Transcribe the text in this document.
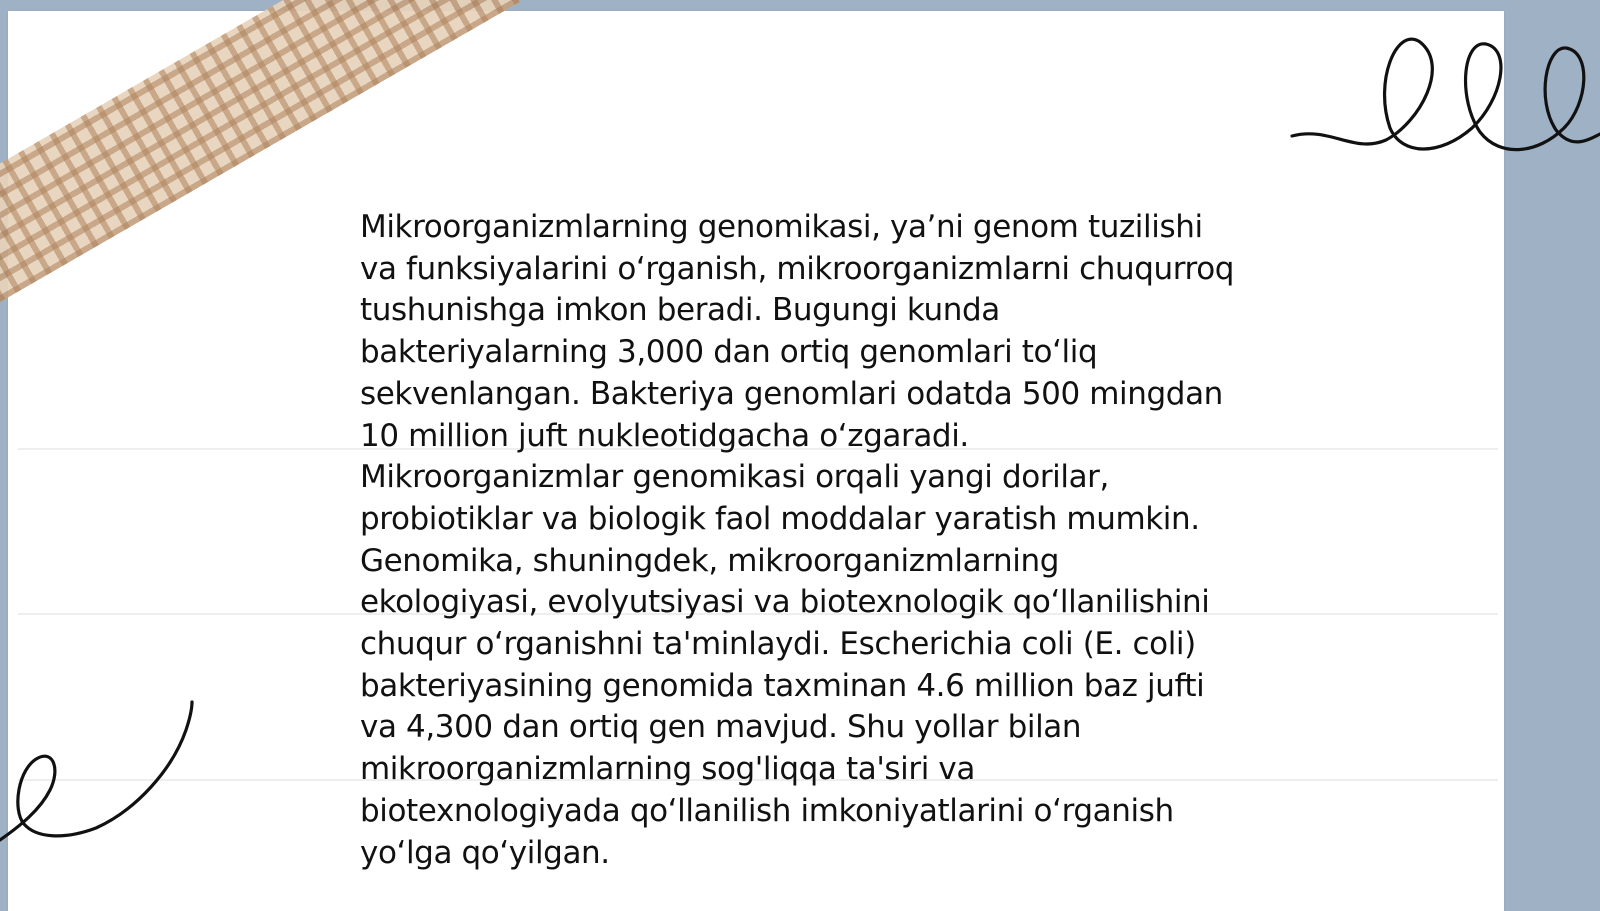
Mikroorganizmlarning genomikasi, ya’ni genom tuzilishi va funksiyalarini oʻrganish, mikroorganizmlarni chuqurroq tushunishga imkon beradi. Bugungi kunda bakteriyalarning 3,000 dan ortiq genomlari toʻliq sekvenlangan. Bakteriya genomlari odatda 500 mingdan 10 million juft nukleotidgacha oʻzgaradi. Mikroorganizmlar genomikasi orqali yangi dorilar, probiotiklar va biologik faol moddalar yaratish mumkin. Genomika, shuningdek, mikroorganizmlarning ekologiyasi, evolyutsiyasi va biotexnologik qoʻllanilishini chuqur oʻrganishni ta'minlaydi. Escherichia coli (E. coli) bakteriyasining genomida taxminan 4.6 million baz jufti va 4,300 dan ortiq gen mavjud. Shu yollar bilan mikroorganizmlarning sog'liqqa ta'siri va biotexnologiyada qoʻllanilish imkoniyatlarini oʻrganish yoʻlga qoʻyilgan.
